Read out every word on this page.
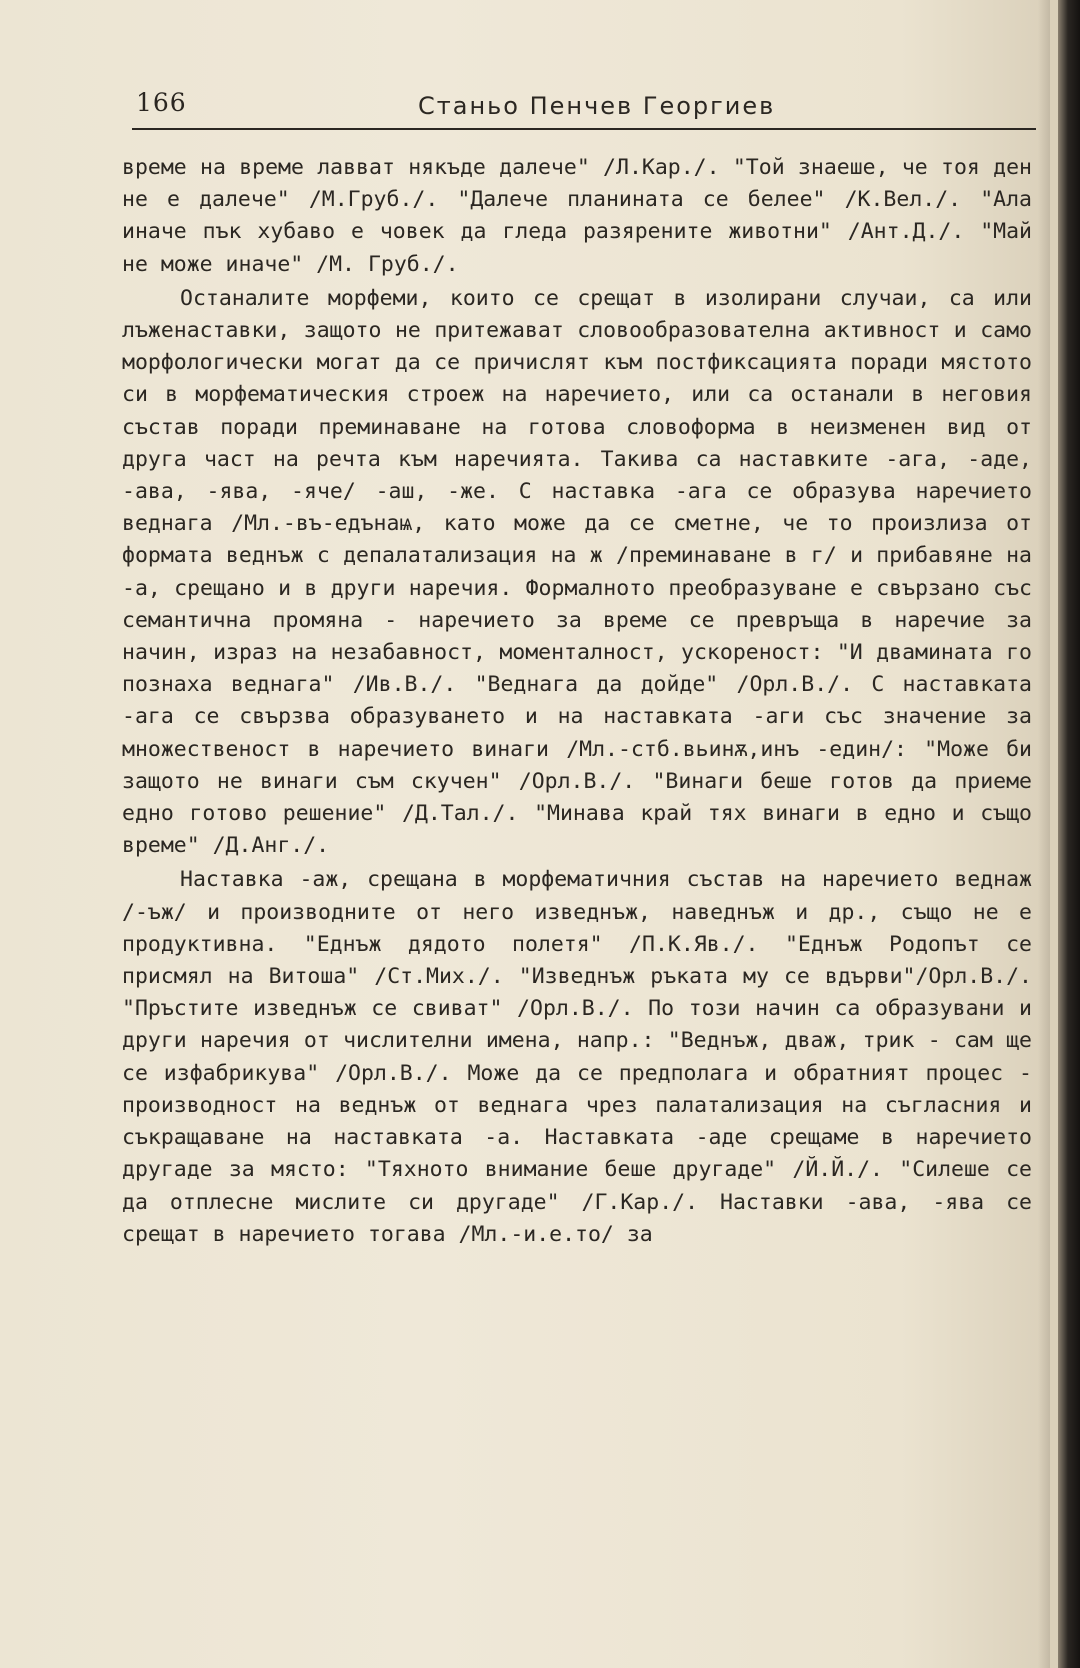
166	Станьо Пенчев Георгиев

време на време лавват някъде далече" /Л.Кар./. "Той знаеше, че тоя ден не е далече" /М.Груб./. "Далече планината се белее" /К.Вел./. "Ала иначе пък хубаво е човек да гледа разярените животни" /Ант.Д./. "Май не може иначе" /М. Груб./.

Останалите морфеми, които се срещат в изолирани случаи, са или лъженаставки, защото не притежават словообразователна активност и само морфологически могат да се причислят към постфиксацията поради мястото си в морфематическия строеж на наречието, или са останали в неговия състав поради преминаване на готова словоформа в неизменен вид от друга част на речта към наречията. Такива са наставките -ага, -аде, -ава, -ява, -яче/ -аш, -же. С наставка -ага се образува наречието веднага /Мл.-въ-едънаѩ, като може да се сметне, че то произлиза от формата веднъж с депалатализация на ж /преминаване в г/ и прибавяне на -а, срещано и в други наречия. Формалното преобразуване е свързано със семантична промяна - наречието за време се превръща в наречие за начин, израз на незабавност, моменталност, ускореност: "И двамината го познаха веднага" /Ив.В./. "Веднага да дойде" /Орл.В./. С наставката -ага се свързва образуването и на наставката -аги със значение за множественост в наречието винаги /Мл.-стб.вьинѫ,инъ -един/: "Може би защото не винаги съм скучен" /Орл.В./. "Винаги беше готов да приеме едно готово решение" /Д.Тал./. "Минава край тях винаги в едно и също време" /Д.Анг./.

Наставка -аж, срещана в морфематичния състав на наречието веднаж /-ъж/ и производните от него изведнъж, наведнъж и др., също не е продуктивна. "Еднъж дядото полетя" /П.К.Яв./. "Еднъж Родопът се присмял на Витоша" /Ст.Мих./. "Изведнъж ръката му се вдърви"/Орл.В./. "Пръстите изведнъж се свиват" /Орл.В./. По този начин са образувани и други наречия от числителни имена, напр.: "Веднъж, дваж, трик - сам ще се изфабрикува" /Орл.В./. Може да се предполага и обратният процес - производност на веднъж от веднага чрез палатализация на съгласния и съкращаване на наставката -а. Наставката -аде срещаме в наречието другаде за място: "Тяхното внимание беше другаде" /Й.Й./. "Силеше се да отплесне мислите си другаде" /Г.Кар./. Наставки -ава, -ява се срещат в наречието тогава /Мл.-и.е.то/ за
